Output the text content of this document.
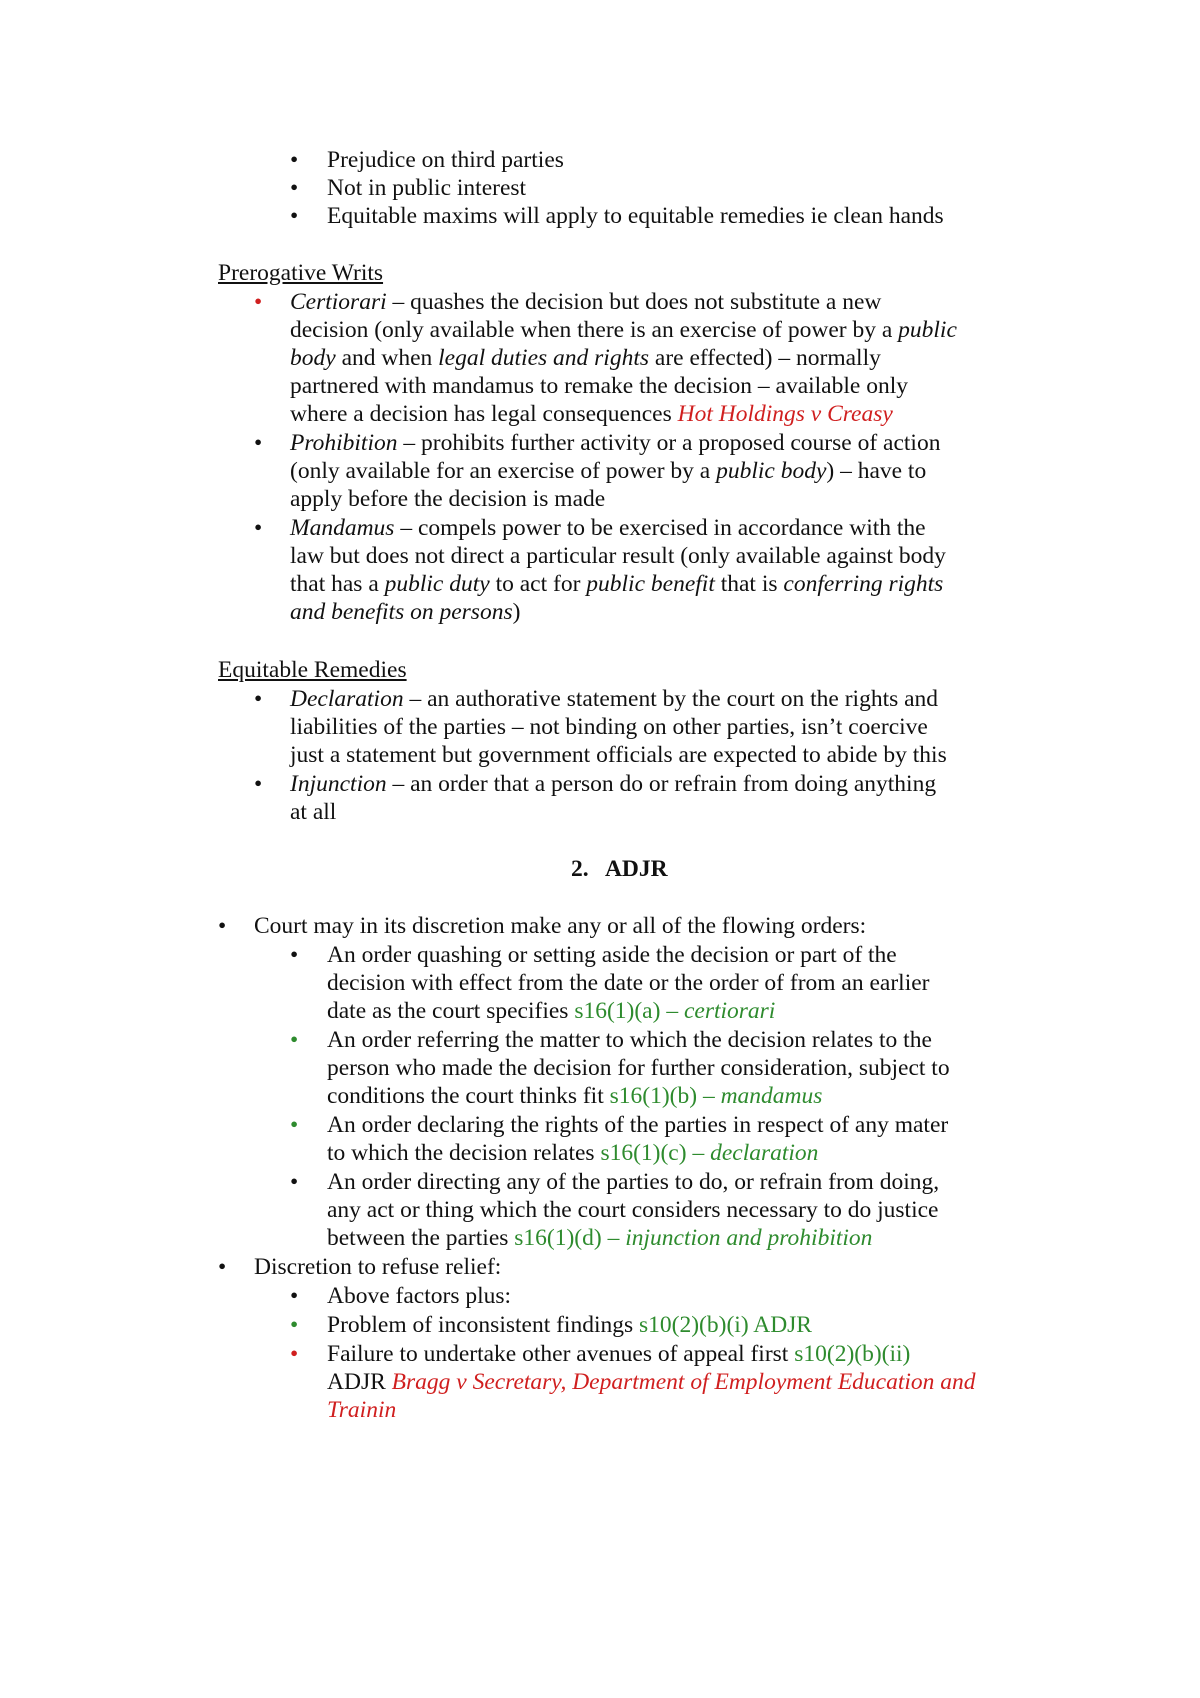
• Prejudice on third parties
• Not in public interest
• Equitable maxims will apply to equitable remedies ie clean hands
Prerogative Writs
• Certiorari – quashes the decision but does not substitute a new
decision (only available when there is an exercise of power by a public
body and when legal duties and rights are effected) – normally
partnered with mandamus to remake the decision – available only
where a decision has legal consequences Hot Holdings v Creasy
• Prohibition – prohibits further activity or a proposed course of action
(only available for an exercise of power by a public body) – have to
apply before the decision is made
• Mandamus – compels power to be exercised in accordance with the
law but does not direct a particular result (only available against body
that has a public duty to act for public benefit that is conferring rights
and benefits on persons)
Equitable Remedies
• Declaration – an authorative statement by the court on the rights and
liabilities of the parties – not binding on other parties, isn’t coercive
just a statement but government officials are expected to abide by this
• Injunction – an order that a person do or refrain from doing anything
at all
2.   ADJR
• Court may in its discretion make any or all of the flowing orders:
• An order quashing or setting aside the decision or part of the
decision with effect from the date or the order of from an earlier
date as the court specifies s16(1)(a) – certiorari
• An order referring the matter to which the decision relates to the
person who made the decision for further consideration, subject to
conditions the court thinks fit s16(1)(b) – mandamus
• An order declaring the rights of the parties in respect of any mater
to which the decision relates s16(1)(c) – declaration
• An order directing any of the parties to do, or refrain from doing,
any act or thing which the court considers necessary to do justice
between the parties s16(1)(d) – injunction and prohibition
• Discretion to refuse relief:
• Above factors plus:
• Problem of inconsistent findings s10(2)(b)(i) ADJR
• Failure to undertake other avenues of appeal first s10(2)(b)(ii)
ADJR Bragg v Secretary, Department of Employment Education and
Trainin
